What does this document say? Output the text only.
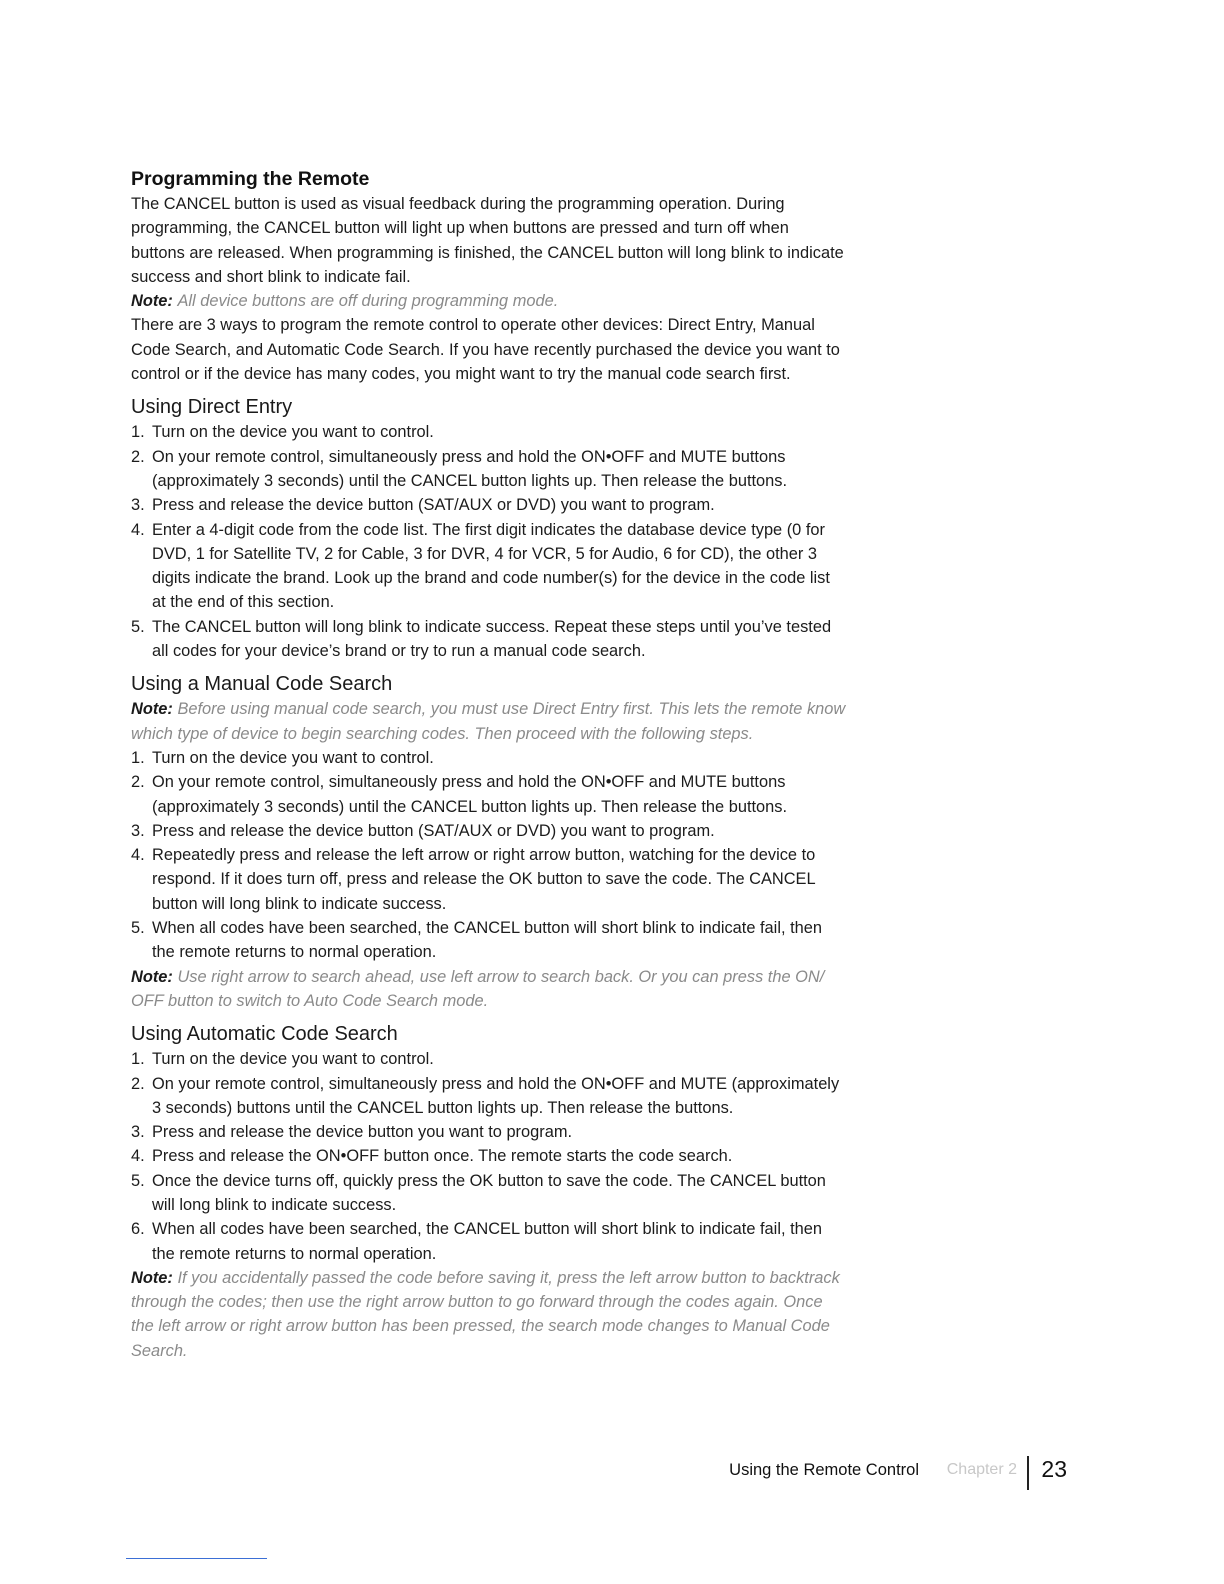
Programming the Remote

The CANCEL button is used as visual feedback during the programming operation. During programming, the CANCEL button will light up when buttons are pressed and turn off when buttons are released. When programming is finished, the CANCEL button will long blink to indicate success and short blink to indicate fail.

Note: All device buttons are off during programming mode.

There are 3 ways to program the remote control to operate other devices: Direct Entry, Manual Code Search, and Automatic Code Search. If you have recently purchased the device you want to control or if the device has many codes, you might want to try the manual code search first.

Using Direct Entry
1. Turn on the device you want to control.
2. On your remote control, simultaneously press and hold the ON•OFF and MUTE buttons (approximately 3 seconds) until the CANCEL button lights up. Then release the buttons.
3. Press and release the device button (SAT/AUX or DVD) you want to program.
4. Enter a 4-digit code from the code list. The first digit indicates the database device type (0 for DVD, 1 for Satellite TV, 2 for Cable, 3 for DVR, 4 for VCR, 5 for Audio, 6 for CD), the other 3 digits indicate the brand. Look up the brand and code number(s) for the device in the code list at the end of this section.
5. The CANCEL button will long blink to indicate success. Repeat these steps until you’ve tested all codes for your device’s brand or try to run a manual code search.
Using a Manual Code Search

Note: Before using manual code search, you must use Direct Entry first. This lets the remote know which type of device to begin searching codes. Then proceed with the following steps.

1. Turn on the device you want to control.
2. On your remote control, simultaneously press and hold the ON•OFF and MUTE buttons (approximately 3 seconds) until the CANCEL button lights up. Then release the buttons.
3. Press and release the device button (SAT/AUX or DVD) you want to program.
4. Repeatedly press and release the left arrow or right arrow button, watching for the device to respond. If it does turn off, press and release the OK button to save the code. The CANCEL button will long blink to indicate success.
5. When all codes have been searched, the CANCEL button will short blink to indicate fail, then the remote returns to normal operation.

Note: Use right arrow to search ahead, use left arrow to search back. Or you can press the ON/ OFF button to switch to Auto Code Search mode.

Using Automatic Code Search
1. Turn on the device you want to control.
2. On your remote control, simultaneously press and hold the ON•OFF and MUTE (approximately 3 seconds) buttons until the CANCEL button lights up. Then release the buttons.
3. Press and release the device button you want to program.
4. Press and release the ON•OFF button once. The remote starts the code search.
5. Once the device turns off, quickly press the OK button to save the code. The CANCEL button will long blink to indicate success.
6. When all codes have been searched, the CANCEL button will short blink to indicate fail, then the remote returns to normal operation.

Note: If you accidentally passed the code before saving it, press the left arrow button to backtrack through the codes; then use the right arrow button to go forward through the codes again. Once the left arrow or right arrow button has been pressed, the search mode changes to Manual Code Search.

Using the Remote Control Chapter 2 23
